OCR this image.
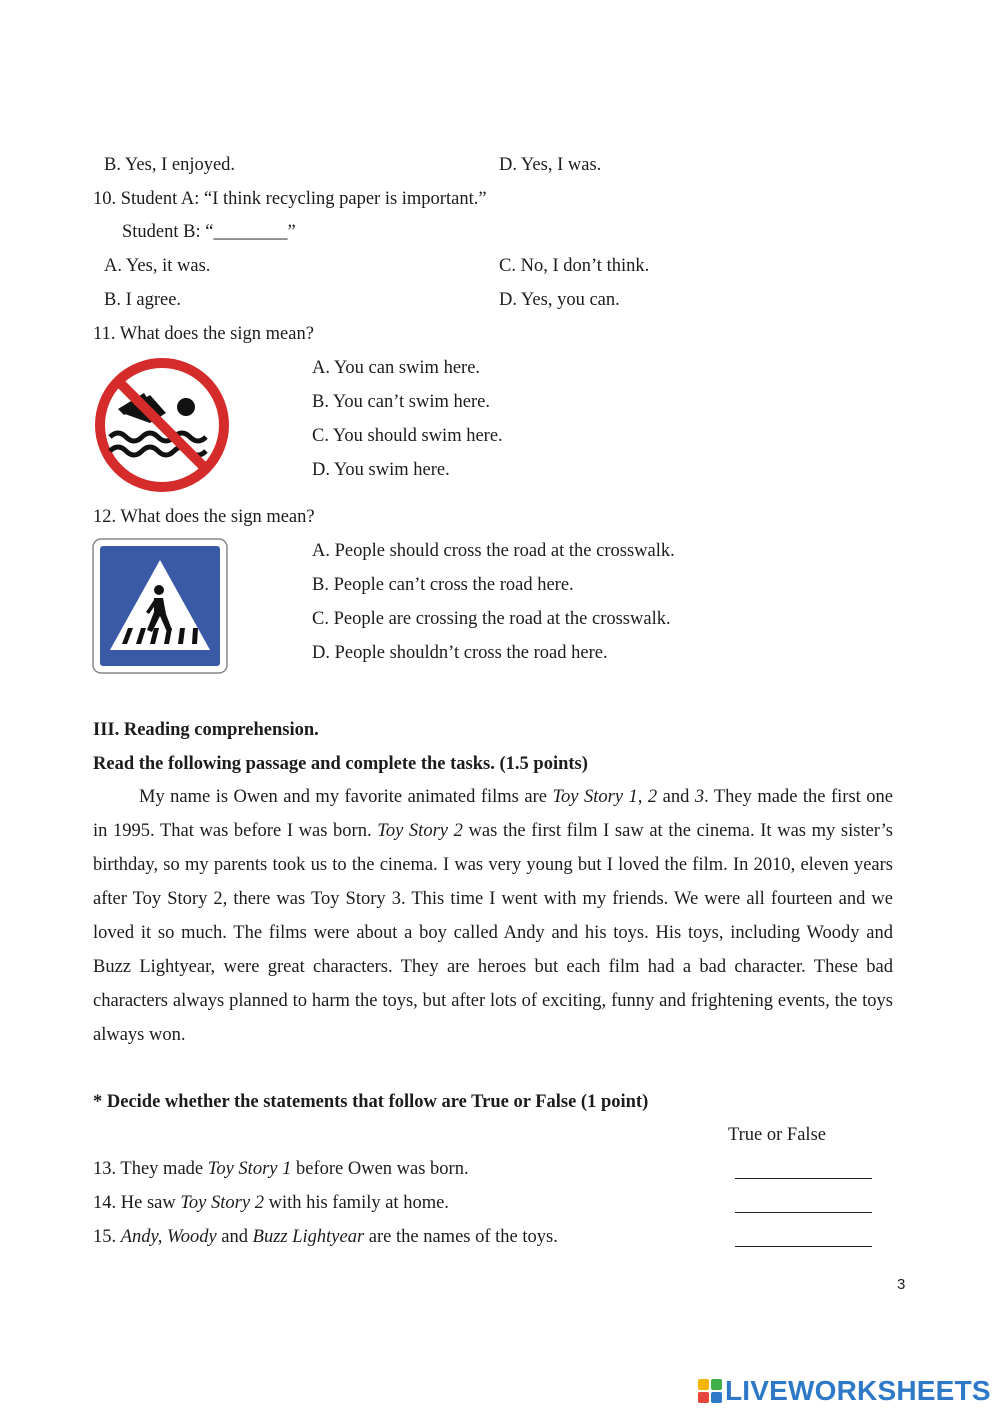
B. Yes, I enjoyed.	D. Yes, I was.
10. Student A: “I think recycling paper is important.”
Student B: “________”
A. Yes, it was.	C. No, I don’t think.
B. I agree.	D. Yes, you can.
11. What does the sign mean?
A. You can swim here.
B. You can’t swim here.
C. You should swim here.
D. You swim here.
12. What does the sign mean?
A. People should cross the road at the crosswalk.
B. People can’t cross the road here.
C. People are crossing the road at the crosswalk.
D. People shouldn’t cross the road here.
III. Reading comprehension.
Read the following passage and complete the tasks. (1.5 points)

My name is Owen and my favorite animated films are Toy Story 1, 2 and 3. They made the first one in 1995. That was before I was born. Toy Story 2 was the first film I saw at the cinema. It was my sister’s birthday, so my parents took us to the cinema. I was very young but I loved the film. In 2010, eleven years after Toy Story 2, there was Toy Story 3. This time I went with my friends. We were all fourteen and we loved it so much. The films were about a boy called Andy and his toys. His toys, including Woody and Buzz Lightyear, were great characters. They are heroes but each film had a bad character. These bad characters always planned to harm the toys, but after lots of exciting, funny and frightening events, the toys always won.

* Decide whether the statements that follow are True or False (1 point)
True or False
13. They made Toy Story 1 before Owen was born.
14. He saw Toy Story 2 with his family at home.
15. Andy, Woody and Buzz Lightyear are the names of the toys.
3
LIVEWORKSHEETS
